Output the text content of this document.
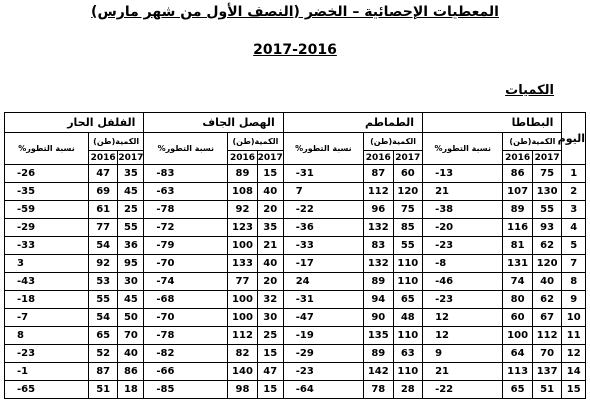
المعطيات الإحصائية – الخضر (النصف الأول من شهر مارس)
2017-2016
الكميات
اليوم	البطاطا			الطماطم			الهصل الجاف			الفلفل الحار		
	الكمية(طن)		نسبة التطور%	الكمية(طن)		نسبة التطور%	الكمية(طن)		نسبة التطور%	الكمية(طن)		نسبة التطور%
	2017	2016		2017	2016		2017	2016		2017	2016	
1	75	86	13-	60	87	31-	15	89	83-	35	47	26-
2	130	107	21	120	112	7	40	108	63-	45	69	35-
3	55	89	38-	75	96	22-	20	92	78-	25	61	59-
4	93	116	20-	85	132	36-	35	123	72-	55	77	29-
5	62	81	23-	55	83	33-	21	100	79-	36	54	33-
7	120	131	8-	110	132	17-	40	133	70-	95	92	3
8	40	74	46-	110	89	24	20	77	74-	30	53	43-
9	62	80	23-	65	94	31-	32	100	68-	45	55	18-
10	67	60	12	48	90	47-	30	100	70-	50	54	7-
11	112	100	12	110	135	19-	25	112	78-	70	65	8
12	70	64	9	63	89	29-	15	82	82-	40	52	23-
14	137	113	21	110	142	23-	47	140	66-	86	87	1-
15	51	65	22-	28	78	64-	15	98	85-	18	51	65-
